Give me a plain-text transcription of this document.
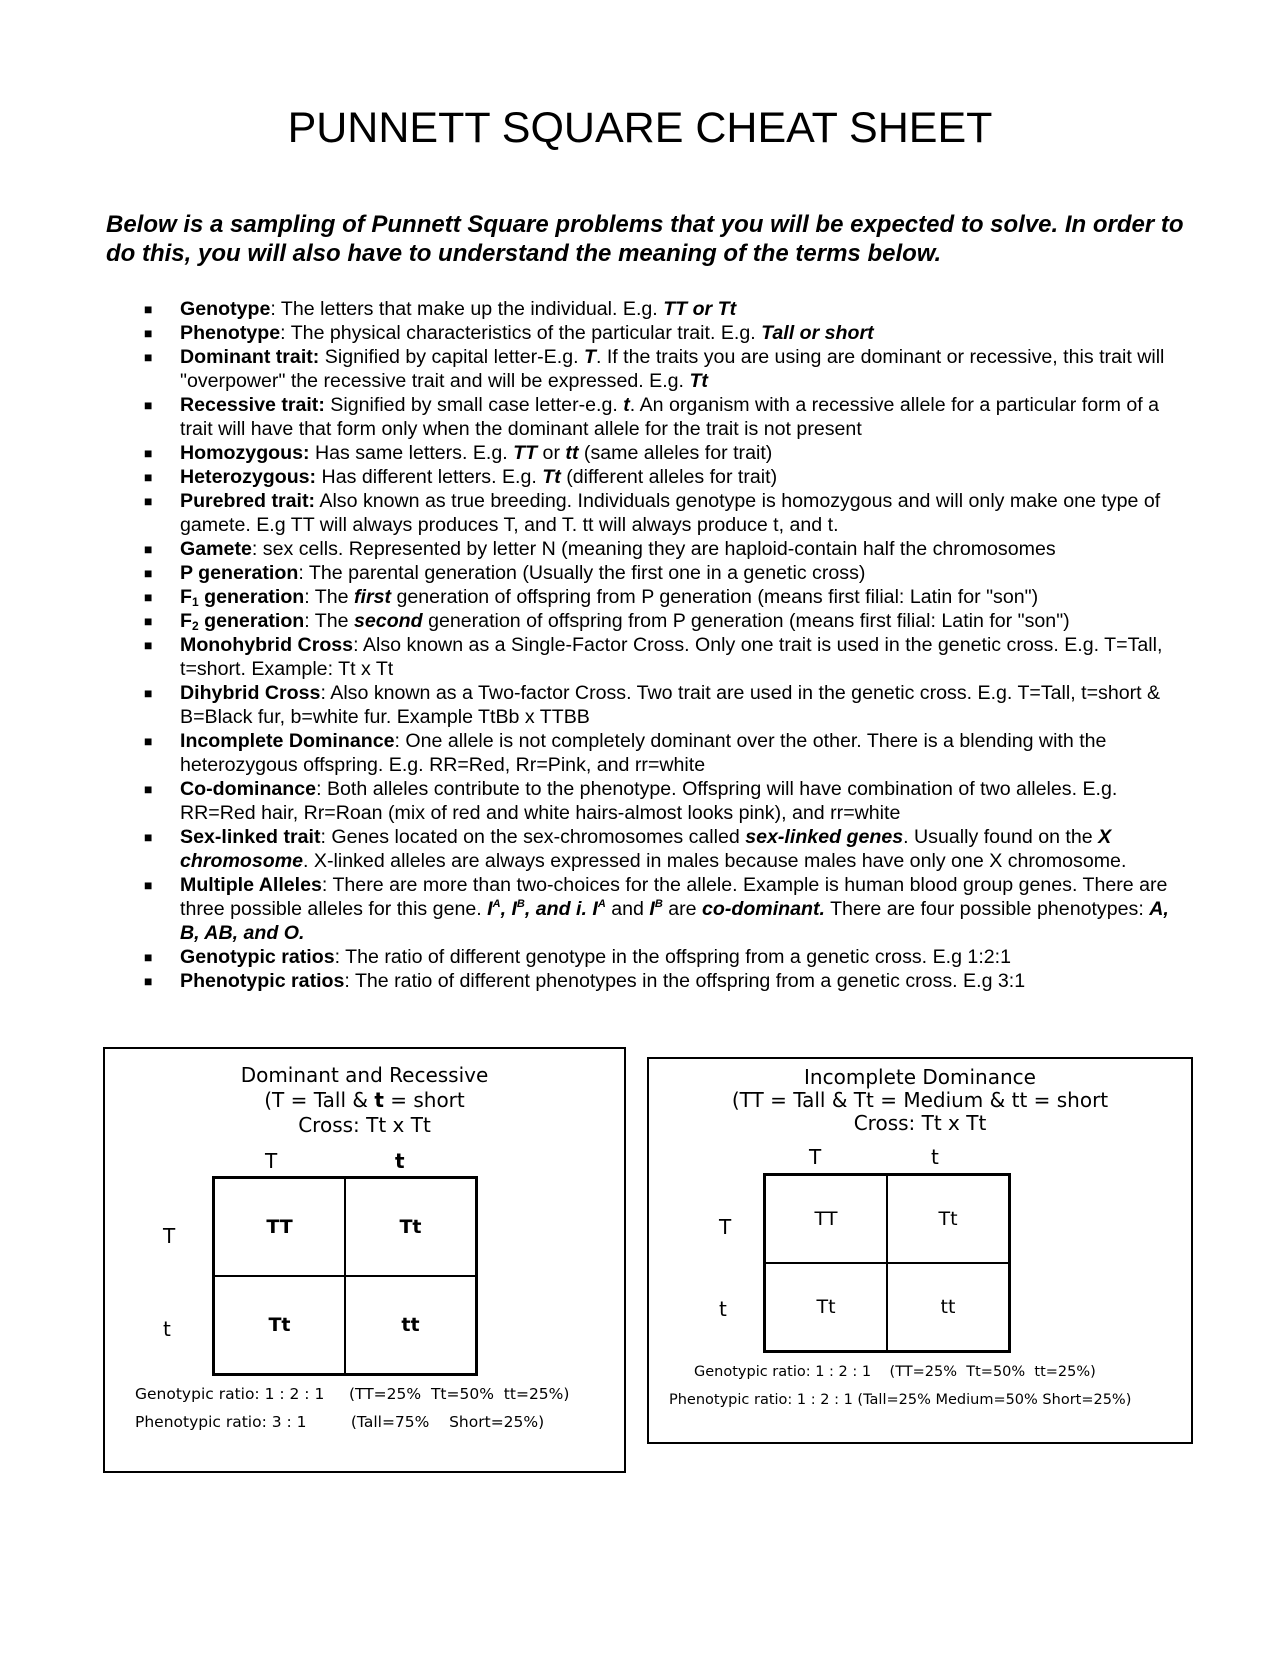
PUNNETT SQUARE CHEAT SHEET

Below is a sampling of Punnett Square problems that you will be expected to solve. In order to do this, you will also have to understand the meaning of the terms below.

■ Genotype: The letters that make up the individual. E.g. TT or Tt
■ Phenotype: The physical characteristics of the particular trait. E.g. Tall or short
■ Dominant trait: Signified by capital letter-E.g. T. If the traits you are using are dominant or recessive, this trait will "overpower" the recessive trait and will be expressed. E.g. Tt
■ Recessive trait: Signified by small case letter-e.g. t. An organism with a recessive allele for a particular form of a trait will have that form only when the dominant allele for the trait is not present
■ Homozygous: Has same letters. E.g. TT or tt (same alleles for trait)
■ Heterozygous: Has different letters. E.g. Tt (different alleles for trait)
■ Purebred trait: Also known as true breeding. Individuals genotype is homozygous and will only make one type of gamete. E.g TT will always produces T, and T. tt will always produce t, and t.
■ Gamete: sex cells. Represented by letter N (meaning they are haploid-contain half the chromosomes
■ P generation: The parental generation (Usually the first one in a genetic cross)
■ $F_1$ generation: The first generation of offspring from P generation (means first filial: Latin for "son")
■ $F_2$ generation: The second generation of offspring from P generation (means first filial: Latin for "son")
■ Monohybrid Cross: Also known as a Single-Factor Cross. Only one trait is used in the genetic cross. E.g. T=Tall, t=short. Example: Tt x Tt
■ Dihybrid Cross: Also known as a Two-factor Cross. Two trait are used in the genetic cross. E.g. T=Tall, t=short & B=Black fur, b=white fur. Example TtBb x TTBB
■ Incomplete Dominance: One allele is not completely dominant over the other. There is a blending with the heterozygous offspring. E.g. RR=Red, Rr=Pink, and rr=white
■ Co-dominance: Both alleles contribute to the phenotype. Offspring will have combination of two alleles. E.g. RR=Red hair, Rr=Roan (mix of red and white hairs-almost looks pink), and rr=white
■ Sex-linked trait: Genes located on the sex-chromosomes called sex-linked genes. Usually found on the X chromosome. X-linked alleles are always expressed in males because males have only one X chromosome.
■ Multiple Alleles: There are more than two-choices for the allele. Example is human blood group genes. There are three possible alleles for this gene. $I^A$, $I^B$, and i. $I^A$ and $I^B$ are co-dominant. There are four possible phenotypes: A, B, AB, and O.
■ Genotypic ratios: The ratio of different genotype in the offspring from a genetic cross. E.g 1:2:1
■ Phenotypic ratios: The ratio of different phenotypes in the offspring from a genetic cross. E.g 3:1
Dominant and Recessive
(T = Tall & t = short
Cross: Tt x Tt
T	t
T
t
TT	Tt
Tt	tt
Genotypic ratio: 1 : 2 : 1     (TT=25%  Tt=50%  tt=25%)
Phenotypic ratio: 3 : 1         (Tall=75%    Short=25%)
Incomplete Dominance
(TT = Tall & Tt = Medium & tt = short
Cross: Tt x Tt
T	t
T
t
TT	Tt
Tt	tt
Genotypic ratio: 1 : 2 : 1    (TT=25%  Tt=50%  tt=25%)
Phenotypic ratio: 1 : 2 : 1 (Tall=25% Medium=50% Short=25%)
